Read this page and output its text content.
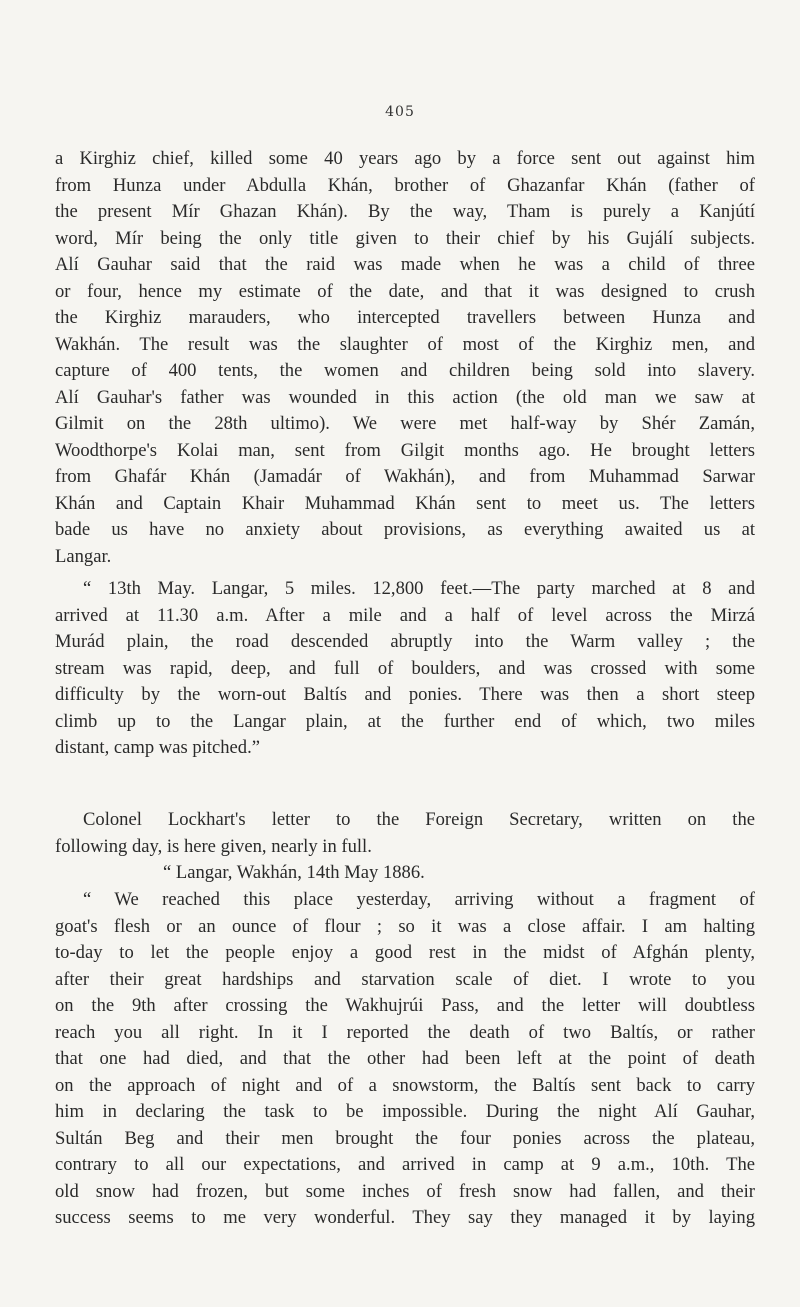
405
a Kirghiz chief, killed some 40 years ago by a force sent out against him
from Hunza under Abdulla Khán, brother of Ghazanfar Khán (father of
the present Mír Ghazan Khán). By the way, Tham is purely a Kanjútí
word, Mír being the only title given to their chief by his Gujálí subjects.
Alí Gauhar said that the raid was made when he was a child of three
or four, hence my estimate of the date, and that it was designed to crush
the Kirghiz marauders, who intercepted travellers between Hunza and
Wakhán. The result was the slaughter of most of the Kirghiz men, and
capture of 400 tents, the women and children being sold into slavery.
Alí Gauhar's father was wounded in this action (the old man we saw at
Gilmit on the 28th ultimo). We were met half-way by Shér Zamán,
Woodthorpe's Kolai man, sent from Gilgit months ago. He brought letters
from Ghafár Khán (Jamadár of Wakhán), and from Muhammad Sarwar
Khán and Captain Khair Muhammad Khán sent to meet us. The letters
bade us have no anxiety about provisions, as everything awaited us at
Langar.
“ 13th May. Langar, 5 miles. 12,800 feet.—The party marched at 8 and
arrived at 11.30 a.m. After a mile and a half of level across the Mirzá
Murád plain, the road descended abruptly into the Warm valley ; the
stream was rapid, deep, and full of boulders, and was crossed with some
difficulty by the worn-out Baltís and ponies. There was then a short steep
climb up to the Langar plain, at the further end of which, two miles
distant, camp was pitched.”
Colonel Lockhart's letter to the Foreign Secretary, written on the
following day, is here given, nearly in full.
“ Langar, Wakhán, 14th May 1886.
“ We reached this place yesterday, arriving without a fragment of
goat's flesh or an ounce of flour ; so it was a close affair. I am halting
to-day to let the people enjoy a good rest in the midst of Afghán plenty,
after their great hardships and starvation scale of diet. I wrote to you
on the 9th after crossing the Wakhujrúi Pass, and the letter will doubtless
reach you all right. In it I reported the death of two Baltís, or rather
that one had died, and that the other had been left at the point of death
on the approach of night and of a snowstorm, the Baltís sent back to carry
him in declaring the task to be impossible. During the night Alí Gauhar,
Sultán Beg and their men brought the four ponies across the plateau,
contrary to all our expectations, and arrived in camp at 9 a.m., 10th. The
old snow had frozen, but some inches of fresh snow had fallen, and their
success seems to me very wonderful. They say they managed it by laying
